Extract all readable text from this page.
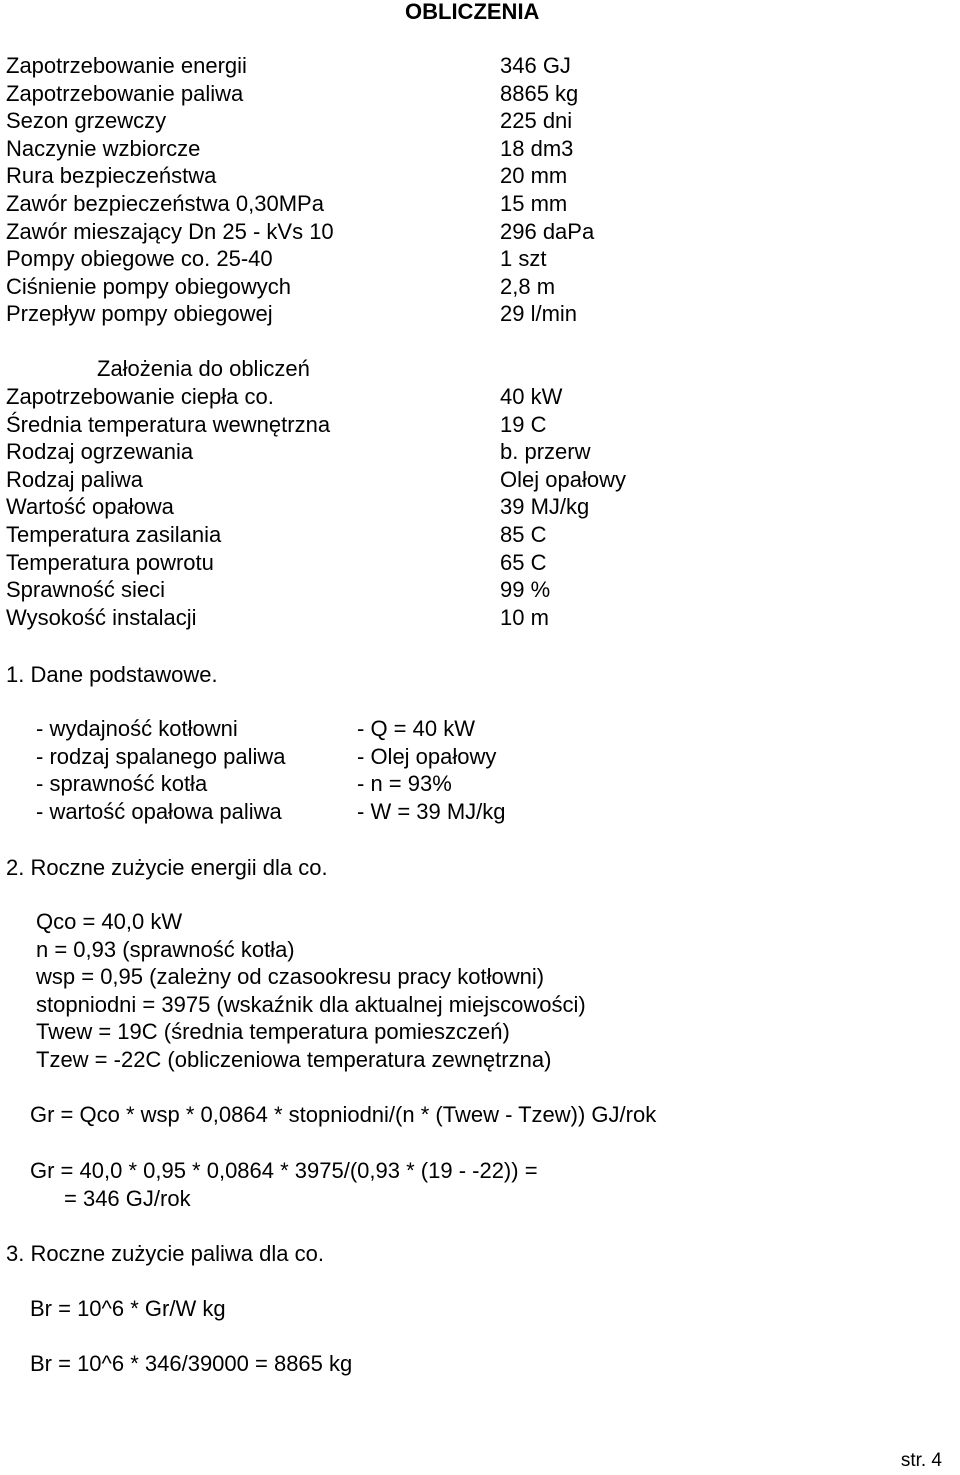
OBLICZENIA
Zapotrzebowanie energii	346 GJ
Zapotrzebowanie paliwa	8865 kg
Sezon grzewczy	225 dni
Naczynie wzbiorcze	18 dm3
Rura bezpieczeństwa	20 mm
Zawór bezpieczeństwa 0,30MPa	15 mm
Zawór mieszający Dn 25 - kVs 10	296 daPa
Pompy obiegowe co. 25-40	1 szt
Ciśnienie pompy obiegowych	2,8 m
Przepływ pompy obiegowej	29 l/min
Założenia do obliczeń
Zapotrzebowanie ciepła co.	40 kW
Średnia temperatura wewnętrzna	19 C
Rodzaj ogrzewania	b. przerw
Rodzaj paliwa	Olej opałowy
Wartość opałowa	39 MJ/kg
Temperatura zasilania	85 C
Temperatura powrotu	65 C
Sprawność sieci	99 %
Wysokość instalacji	10 m
1. Dane podstawowe.
- wydajność kotłowni	- Q = 40 kW
- rodzaj spalanego paliwa	- Olej opałowy
- sprawność kotła	- n = 93%
- wartość opałowa paliwa	- W = 39 MJ/kg
2. Roczne zużycie energii dla co.
Qco = 40,0 kW
n = 0,93 (sprawność kotła)
wsp = 0,95 (zależny od czasookresu pracy kotłowni)
stopniodni = 3975 (wskaźnik dla aktualnej miejscowości)
Twew = 19C (średnia temperatura pomieszczeń)
Tzew = -22C (obliczeniowa temperatura zewnętrzna)
Gr = Qco * wsp * 0,0864 * stopniodni/(n * (Twew - Tzew)) GJ/rok
Gr = 40,0 * 0,95 * 0,0864 * 3975/(0,93 * (19 - -22)) =
= 346 GJ/rok
3. Roczne zużycie paliwa dla co.
Br = 10^6 * Gr/W kg
Br = 10^6 * 346/39000 = 8865 kg
str. 4
